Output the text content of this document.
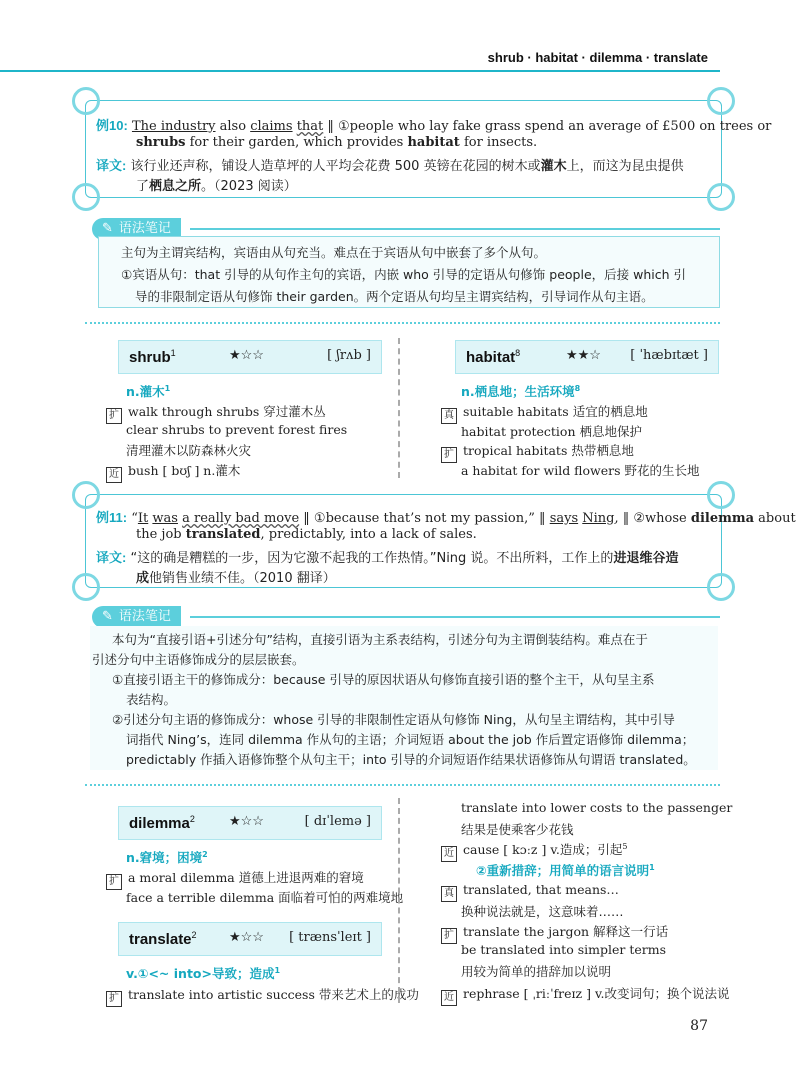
shrub · habitat · dilemma · translate
例10: The industry also claims that ‖ ①people who lay fake grass spend an average of £500 on trees or
shrubs for their garden, which provides habitat for insects.
译文: 该行业还声称，铺设人造草坪的人平均会花费 500 英镑在花园的树木或灌木上，而这为昆虫提供
了栖息之所。（2023 阅读）
✎ 语法笔记
主句为主谓宾结构，宾语由从句充当。难点在于宾语从句中嵌套了多个从句。
①宾语从句：that 引导的从句作主句的宾语，内嵌 who 引导的定语从句修饰 people，后接 which 引
导的非限制定语从句修饰 their garden。两个定语从句均呈主谓宾结构，引导词作从句主语。
shrub$^1$	★☆☆	[ ʃrʌb ]
n.灌木$^1$
扩 walk through shrubs 穿过灌木丛
clear shrubs to prevent forest fires
清理灌木以防森林火灾
近 bush [ bʊʃ ] n.灌木
habitat$^8$	★★☆ [ ˈhæbɪtæt ]
n.栖息地；生活环境$^8$
真 suitable habitats 适宜的栖息地
habitat protection 栖息地保护
扩 tropical habitats 热带栖息地
a habitat for wild flowers 野花的生长地
例11: “It was a really bad move ‖ ①because that’s not my passion,” ‖ says Ning, ‖ ②whose dilemma about
the job translated, predictably, into a lack of sales.
译文: “这的确是糟糕的一步，因为它激不起我的工作热情。”Ning 说。不出所料，工作上的进退维谷造
成他销售业绩不佳。（2010 翻译）
✎ 语法笔记
本句为“直接引语+引述分句”结构，直接引语为主系表结构，引述分句为主谓倒装结构。难点在于
引述分句中主语修饰成分的层层嵌套。
①直接引语主干的修饰成分：because 引导的原因状语从句修饰直接引语的整个主干，从句呈主系
表结构。
②引述分句主语的修饰成分：whose 引导的非限制性定语从句修饰 Ning，从句呈主谓结构，其中引导
词指代 Ning’s，连同 dilemma 作从句的主语；介词短语 about the job 作后置定语修饰 dilemma；
predictably 作插入语修饰整个从句主干；into 引导的介词短语作结果状语修饰从句谓语 translated。
dilemma$^2$	★☆☆	[ dɪˈlemə ]
n.窘境；困境$^2$
扩 a moral dilemma 道德上进退两难的窘境
face a terrible dilemma 面临着可怕的两难境地
translate$^2$ ★☆☆ [ trænsˈleɪt ]
v.①<~ into>导致；造成$^1$
扩 translate into artistic success 带来艺术上的成功
translate into lower costs to the passenger
结果是使乘客少花钱
近 cause [ kɔːz ] v.造成；引起$^5$
②重新措辞；用简单的语言说明$^1$
真 translated, that means…
换种说法就是，这意味着……
扩 translate the jargon 解释这一行话
be translated into simpler terms
用较为简单的措辞加以说明
近 rephrase [ ˌriːˈfreɪz ] v.改变词句；换个说法说
87
